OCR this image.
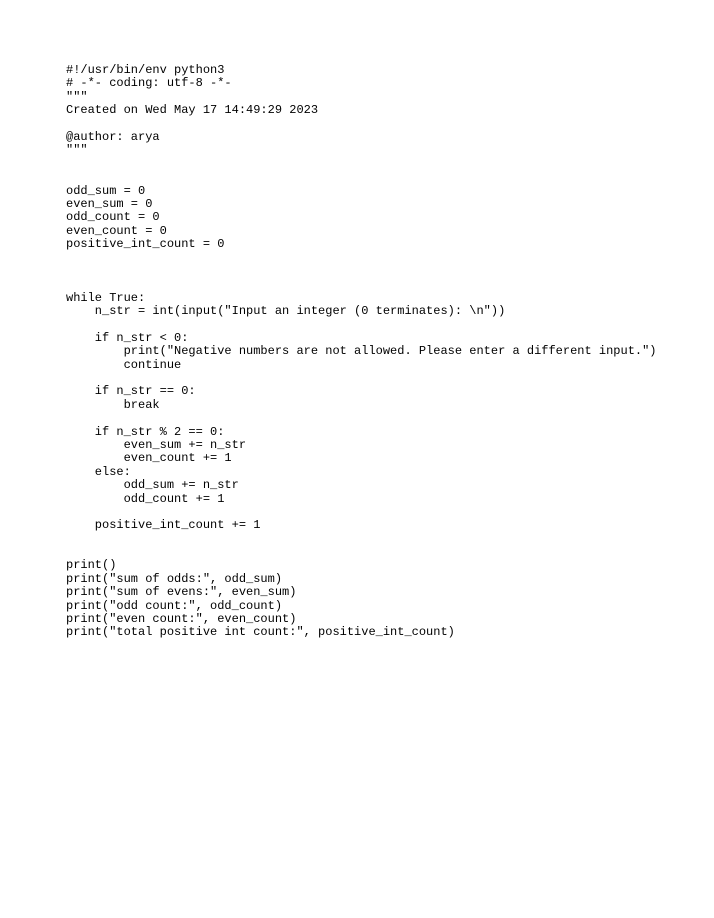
#!/usr/bin/env python3
# -*- coding: utf-8 -*-
"""
Created on Wed May 17 14:49:29 2023
@author: arya
"""
odd_sum = 0
even_sum = 0
odd_count = 0
even_count = 0
positive_int_count = 0
while True:
n_str = int(input("Input an integer (0 terminates): \n"))
if n_str < 0:
print("Negative numbers are not allowed. Please enter a different input.")
continue
if n_str == 0:
break
if n_str % 2 == 0:
even_sum += n_str
even_count += 1
else:
odd_sum += n_str
odd_count += 1
positive_int_count += 1
print()
print("sum of odds:", odd_sum)
print("sum of evens:", even_sum)
print("odd count:", odd_count)
print("even count:", even_count)
print("total positive int count:", positive_int_count)
